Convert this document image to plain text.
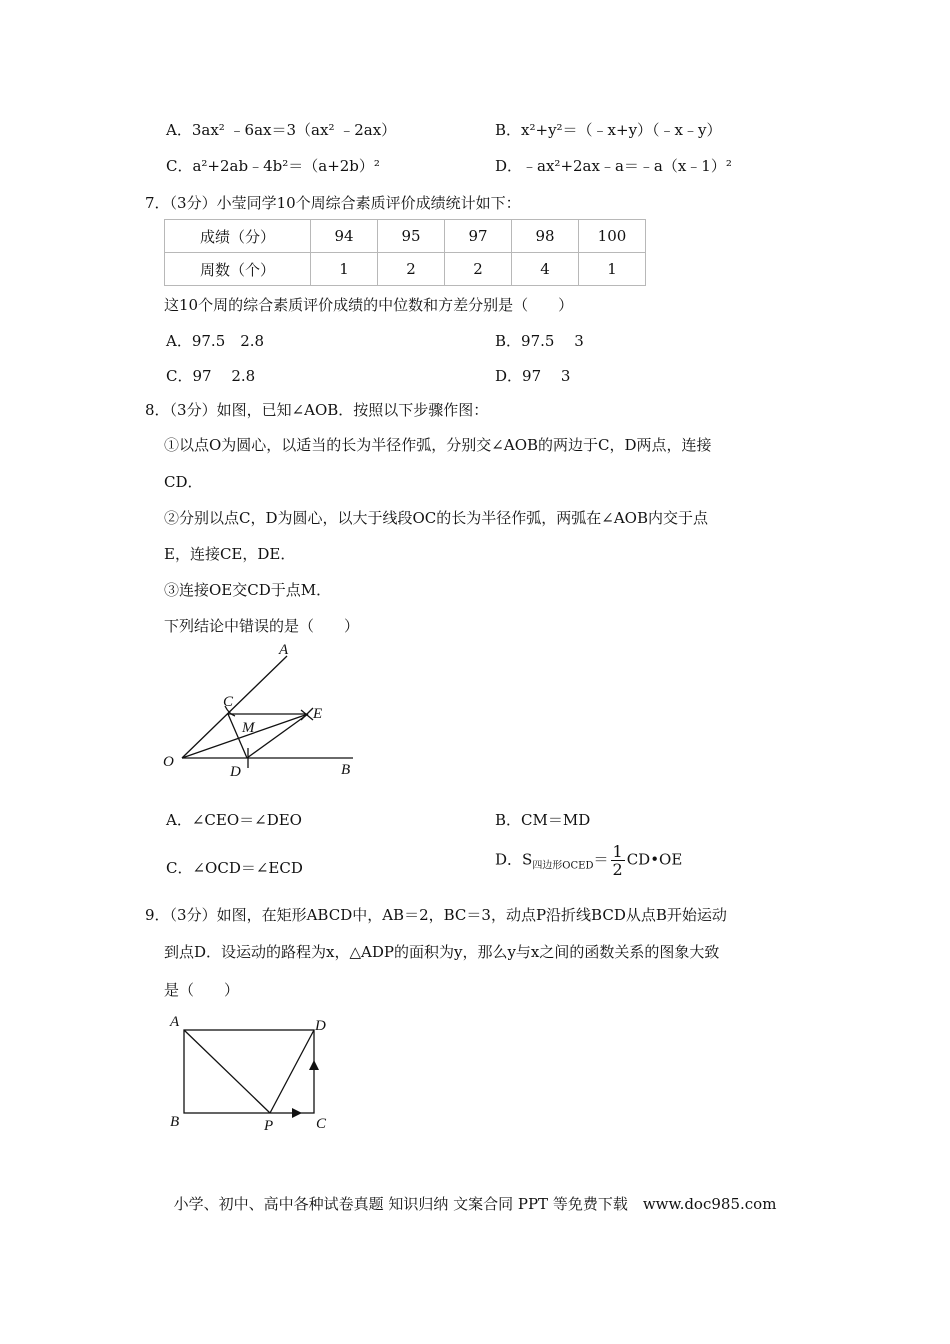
A．3ax² ﹣6ax＝3（ax² ﹣2ax）	B．x²+y²＝（﹣x+y）（﹣x﹣y）
C．a²+2ab﹣4b²＝（a+2b）²	D．﹣ax²+2ax﹣a＝﹣a（x﹣1）²
7．（3分）小莹同学10个周综合素质评价成绩统计如下：
成绩（分）	94	95	97	98	100
周数（个）	1	2	2	4	1
这10个周的综合素质评价成绩的中位数和方差分别是（　　）
A．97.5　2.8	B．97.5　 3
C．97　 2.8	D．97　 3
8．（3分）如图，已知∠AOB．按照以下步骤作图：
①以点O为圆心，以适当的长为半径作弧，分别交∠AOB的两边于C，D两点，连接
CD．
②分别以点C，D为圆心，以大于线段OC的长为半径作弧，两弧在∠AOB内交于点
E，连接CE，DE．
③连接OE交CD于点M．
下列结论中错误的是（　　）
A
C
M
E
O
D	B
A．∠CEO＝∠DEO	B．CM＝MD
C．∠OCD＝∠ECD	D．$S_{四边形OCED}= \frac{1}{2}$ CD•OE
9．（3分）如图，在矩形ABCD中，AB＝2，BC＝3，动点P沿折线BCD从点B开始运动
到点D．设运动的路程为x，△ADP的面积为y，那么y与x之间的函数关系的图象大致
是（　　）
A	D
B	P	C
小学、初中、高中各种试卷真题 知识归纳 文案合同 PPT 等免费下载　www.doc985.com
